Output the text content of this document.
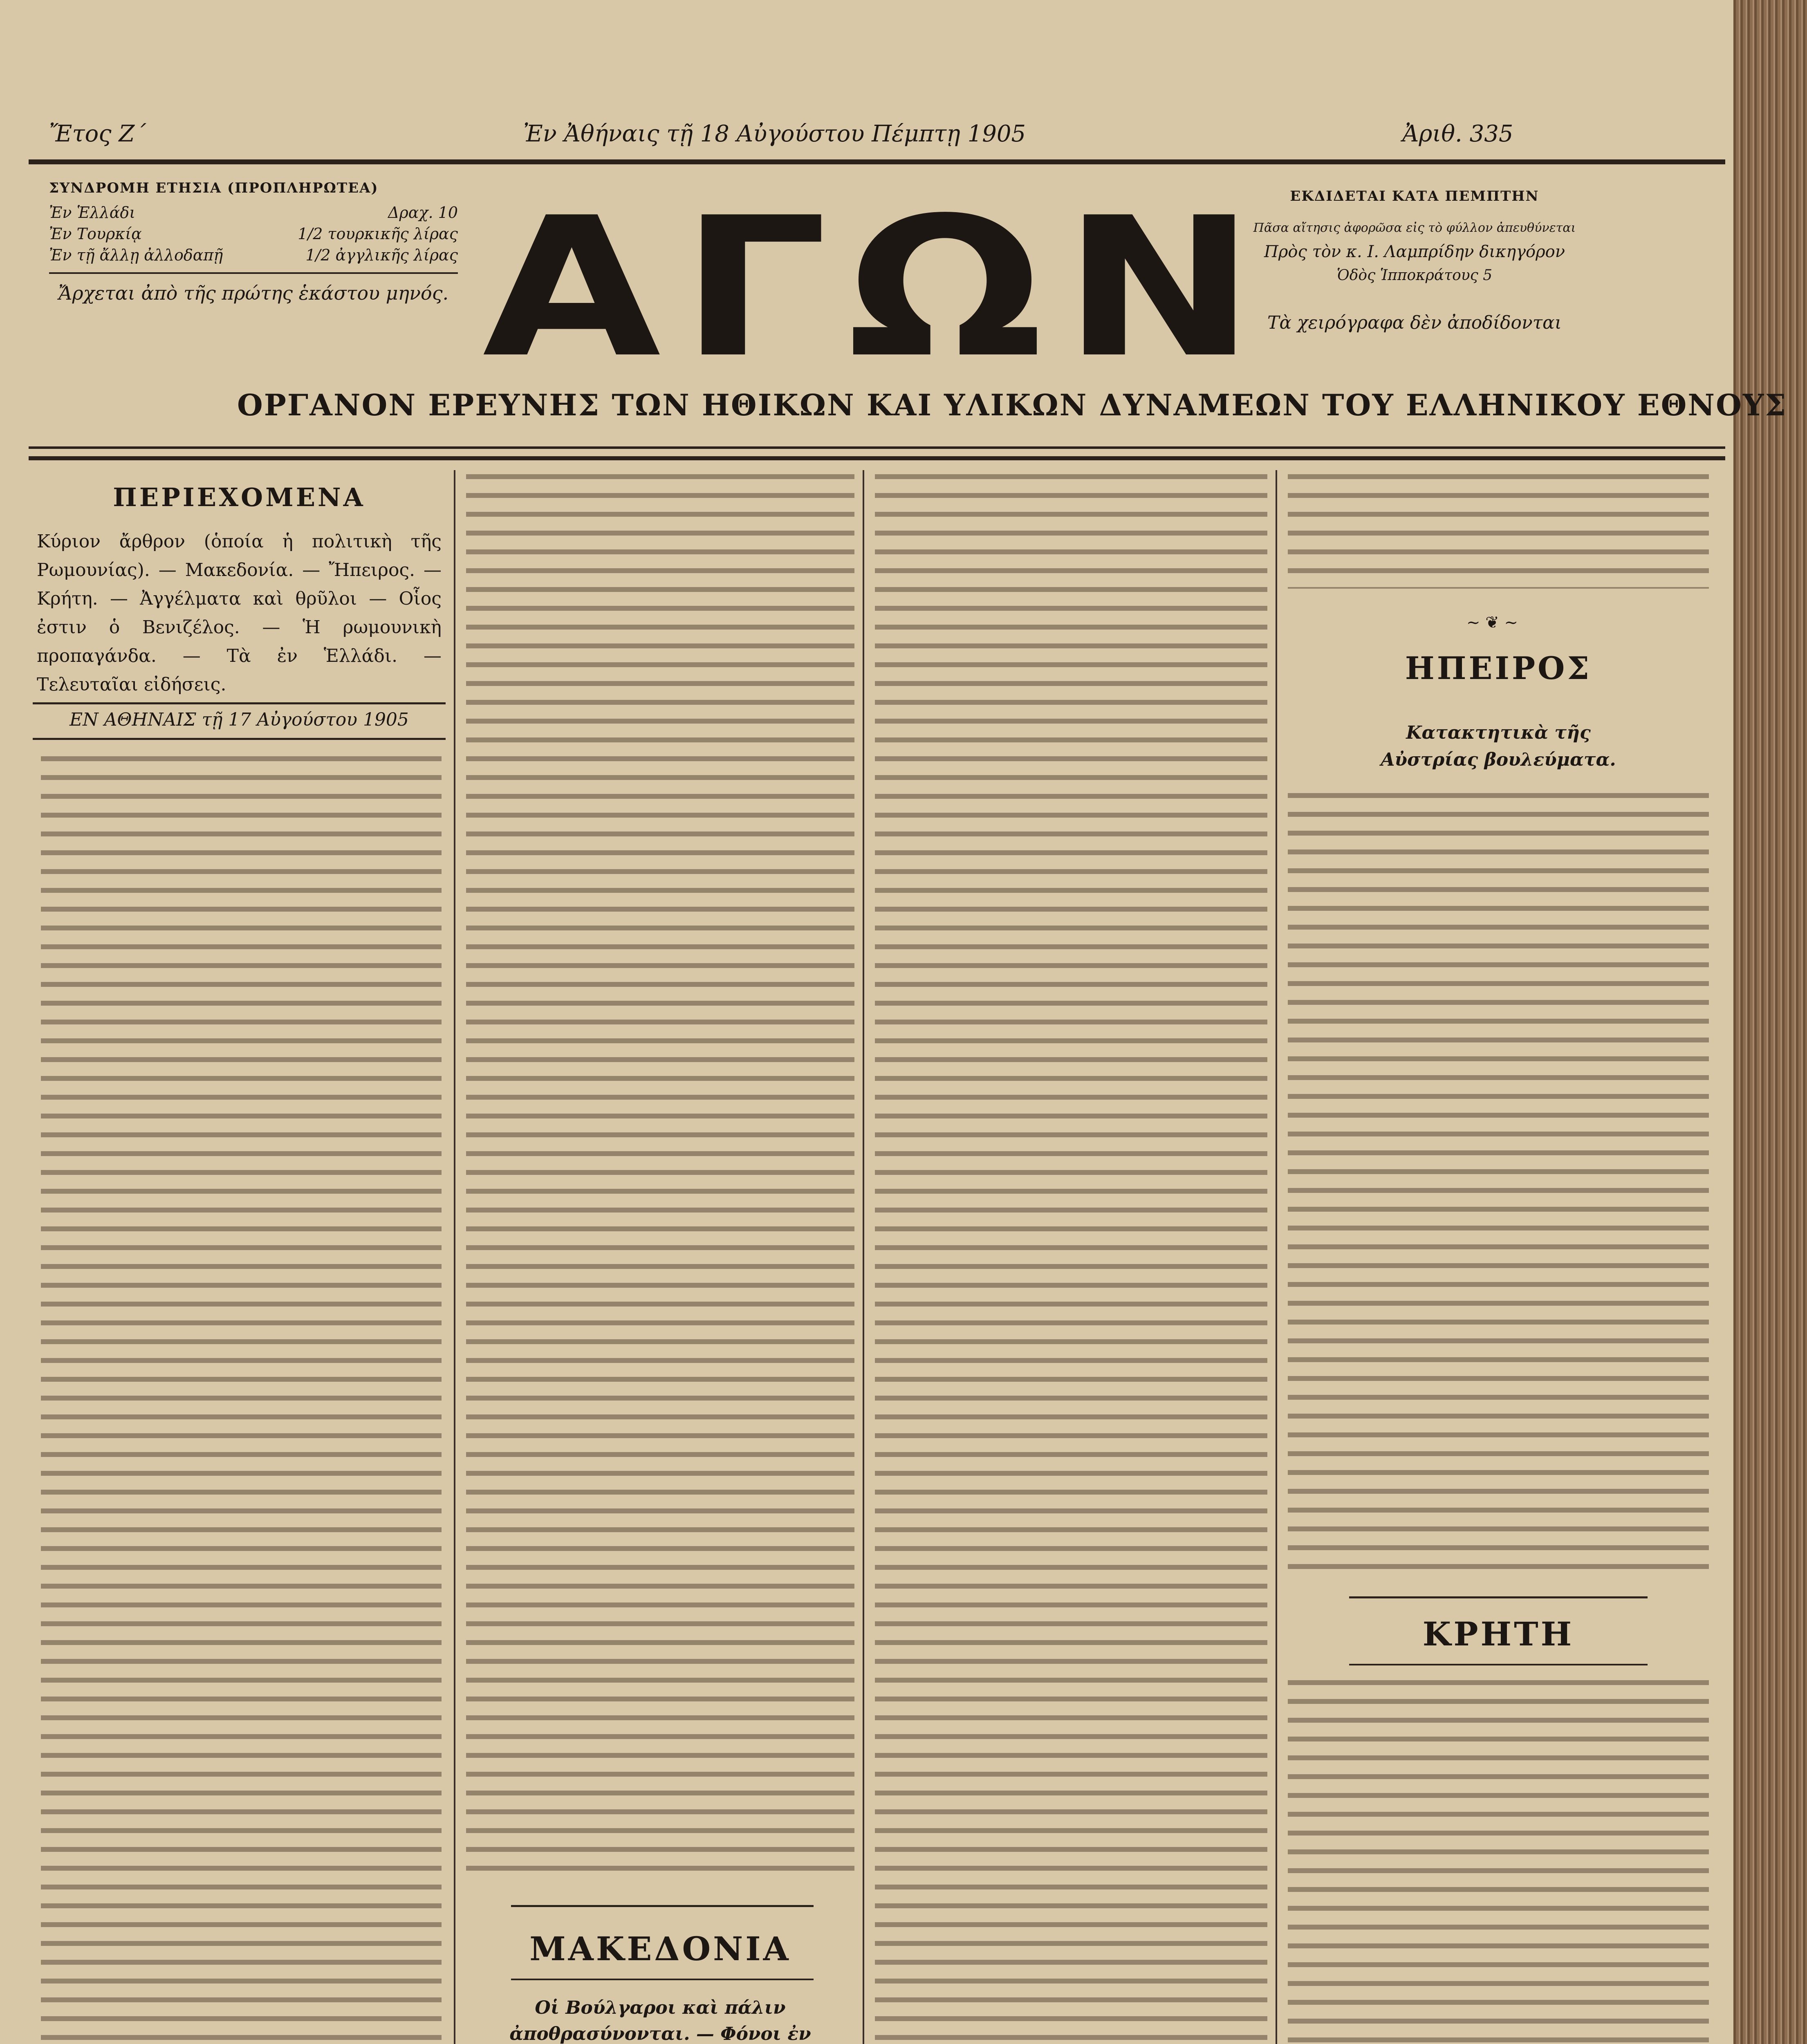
Ἔτος Ζ΄	Ἐν Ἀθήναις τῇ 18 Αὐγούστου Πέμπτῃ 1905	Ἀριθ. 335
ΣΥΝΔΡΟΜΗ ΕΤΗΣΙΑ (ΠΡΟΠΛΗΡΩΤΕΑ)
Ἐν Ἑλλάδι	Δραχ. 10
Ἐν Τουρκίᾳ	1/2 τουρκικῆς λίρας
Ἐν τῇ ἄλλῃ ἀλλοδαπῇ	1/2 ἀγγλικῆς λίρας
Ἄρχεται ἀπὸ τῆς πρώτης ἑκάστου μηνός. ΑΓΩΝ
ΟΡΓΑΝΟΝ ΕΡΕΥΝΗΣ ΤΩΝ ΗΘΙΚΩΝ ΚΑΙ ΥΛΙΚΩΝ ΔΥΝΑΜΕΩΝ ΤΟΥ ΕΛΛΗΝΙΚΟΥ ΕΘΝΟΥΣ
ΕΚΔΙΔΕΤΑΙ ΚΑΤΑ ΠΕΜΠΤΗΝ
Πᾶσα αἴτησις ἀφορῶσα εἰς τὸ φύλλον ἀπευθύνεται
Πρὸς τὸν κ. Ι. Λαμπρίδην δικηγόρον
Ὁδὸς Ἱπποκράτους 5
Τὰ χειρόγραφα δὲν ἀποδίδονται
ΠΕΡΙΕΧΟΜΕΝΑ
Κύριον ἄρθρον (ὁποία ἡ πολιτικὴ τῆς Ρωμουνίας). — Μακεδονία. — Ἤπειρος. — Κρήτη. — Ἀγγέλματα καὶ θρῦλοι — Οἷος ἐστιν ὁ Βενιζέλος. — Ἡ ρωμουνικὴ προπαγάνδα. — Τὰ ἐν Ἑλλάδι. — Τελευταῖαι εἰδήσεις.
ΕΝ ΑΘΗΝΑΙΣ τῇ 17 Αὐγούστου 1905
ΜΑΚΕΔΟΝΙΑ
Οἱ Βούλγαροι καὶ πάλιν ἀποθρασύνονται. — Φόνοι ἐν
~ ❦ ~
ΗΠΕΙΡΟΣ
Κατακτητικὰ τῆς Αὐστρίας βουλεύματα.
ΚΡΗΤΗ
